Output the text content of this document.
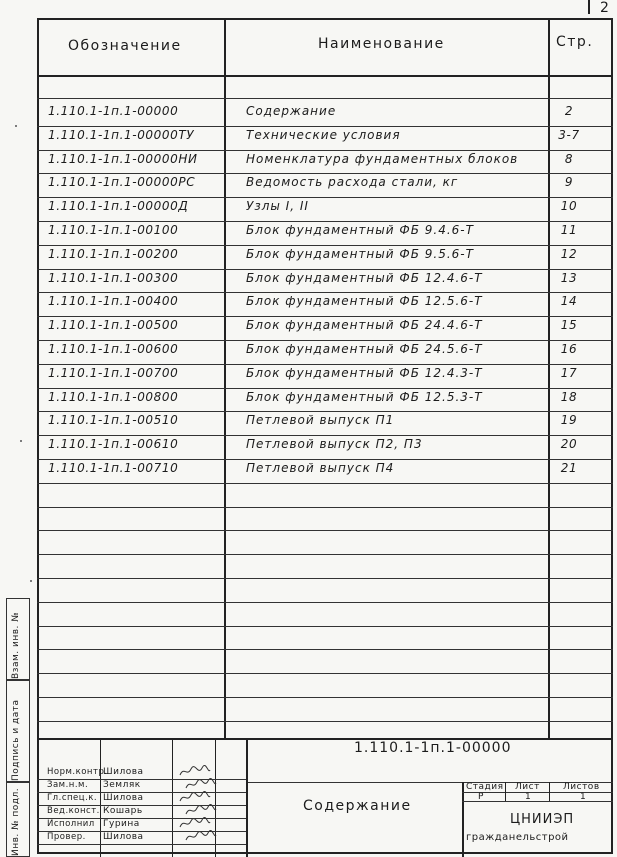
2
Обозначение	Наименование	Стр.
1.110.1-1п.1-00000	Содержание	2
1.110.1-1п.1-00000ТУ	Технические условия	3-7
1.110.1-1п.1-00000НИ	Номенклатура фундаментных блоков	8
1.110.1-1п.1-00000РС	Ведомость расхода стали, кг	9
1.110.1-1п.1-00000Д	Узлы I, II	10
1.110.1-1п.1-00100	Блок фундаментный ФБ 9.4.6-Т	11
1.110.1-1п.1-00200	Блок фундаментный ФБ 9.5.6-Т	12
1.110.1-1п.1-00300	Блок фундаментный ФБ 12.4.6-Т	13
1.110.1-1п.1-00400	Блок фундаментный ФБ 12.5.6-Т	14
1.110.1-1п.1-00500	Блок фундаментный ФБ 24.4.6-Т	15
1.110.1-1п.1-00600	Блок фундаментный ФБ 24.5.6-Т	16
1.110.1-1п.1-00700	Блок фундаментный ФБ 12.4.3-Т	17
1.110.1-1п.1-00800	Блок фундаментный ФБ 12.5.3-Т	18
1.110.1-1п.1-00510	Петлевой выпуск П1	19
1.110.1-1п.1-00610	Петлевой выпуск П2, П3	20
1.110.1-1п.1-00710	Петлевой выпуск П4	21
Взам. инв. №
Подпись и дата
Инв. № подл.
1.110.1-1п.1-00000
Содержание
Стадия Лист	Листов
Р	1	1
ЦНИИЭП
гражданельстрой
Норм.контр.
Шилова
Зам.н.м. Земляк
Гл.спец.к. Шилова
Вед.конст. Кошарь
Исполнил Гурина
Провер. Шилова
